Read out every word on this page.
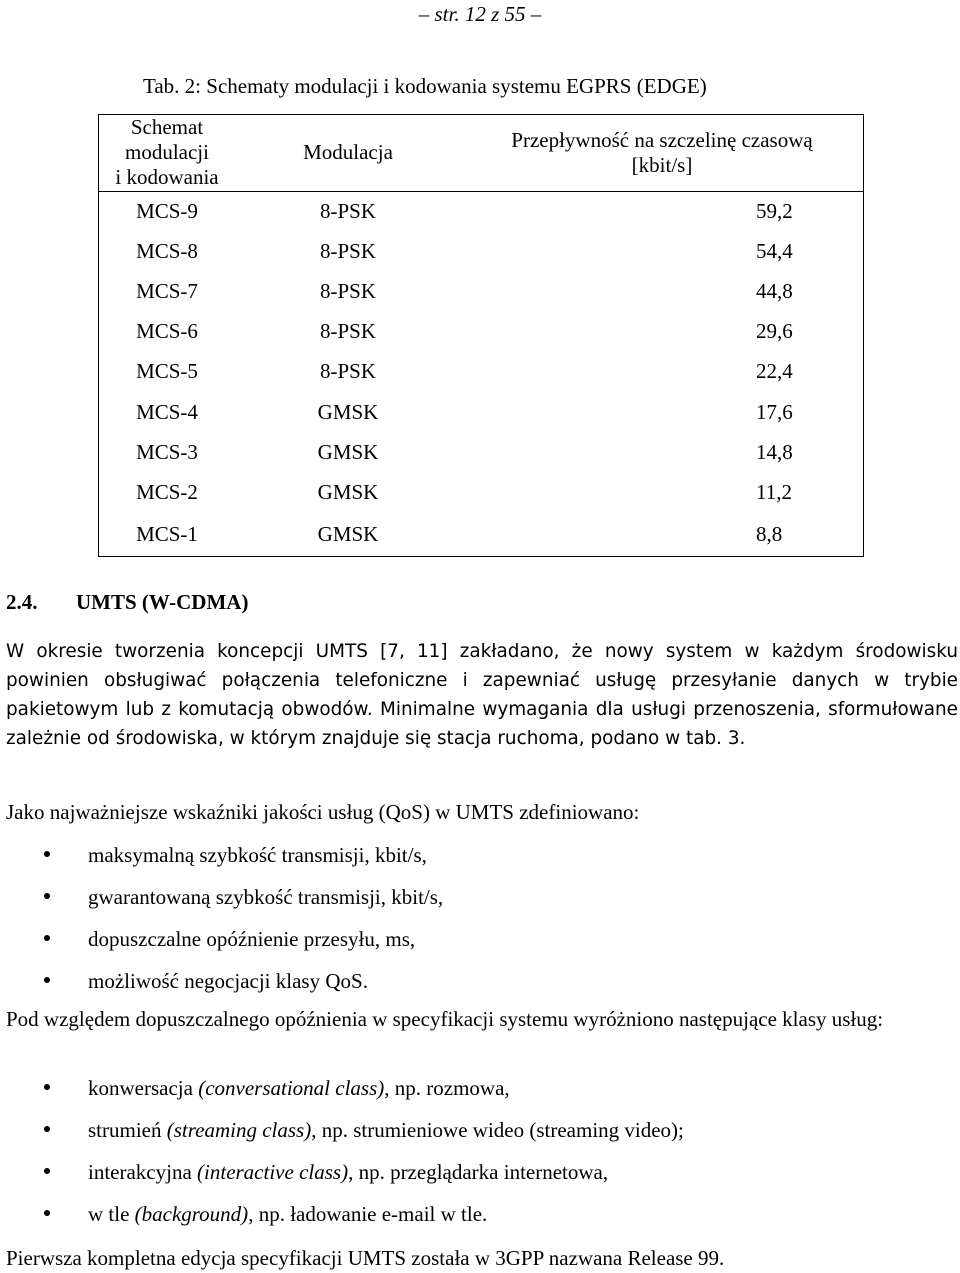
– str. 12 z 55 –
Tab. 2: Schematy modulacji i kodowania systemu EGPRS (EDGE)
Schemat modulacji
i kodowania	Modulacja	Przepływność na szczelinę czasową
[kbit/s]
MCS-9	8-PSK	59,2
MCS-8	8-PSK	54,4
MCS-7	8-PSK	44,8
MCS-6	8-PSK	29,6
MCS-5	8-PSK	22,4
MCS-4	GMSK	17,6
MCS-3	GMSK	14,8
MCS-2	GMSK	11,2
MCS-1	GMSK	8,8
2.4. UMTS (W-CDMA)
W okresie tworzenia koncepcji UMTS [7, 11] zakładano, że nowy system w każdym środowisku powinien obsługiwać połączenia telefoniczne i zapewniać usługę przesyłanie danych w trybie pakietowym lub z komutacją obwodów. Minimalne wymagania dla usługi przenoszenia, sformułowane zależnie od środowiska, w którym znajduje się stacja ruchoma, podano w tab. 3.
Jako najważniejsze wskaźniki jakości usług (QoS) w UMTS zdefiniowano:
maksymalną szybkość transmisji, kbit/s,
gwarantowaną szybkość transmisji, kbit/s,
dopuszczalne opóźnienie przesyłu, ms,
możliwość negocjacji klasy QoS.
Pod względem dopuszczalnego opóźnienia w specyfikacji systemu wyróżniono następujące klasy usług:
konwersacja (conversational class), np. rozmowa,
strumień (streaming class), np. strumieniowe wideo (streaming video);
interakcyjna (interactive class), np. przeglądarka internetowa,
w tle (background), np. ładowanie e-mail w tle.
Pierwsza kompletna edycja specyfikacji UMTS została w 3GPP nazwana Release 99.
